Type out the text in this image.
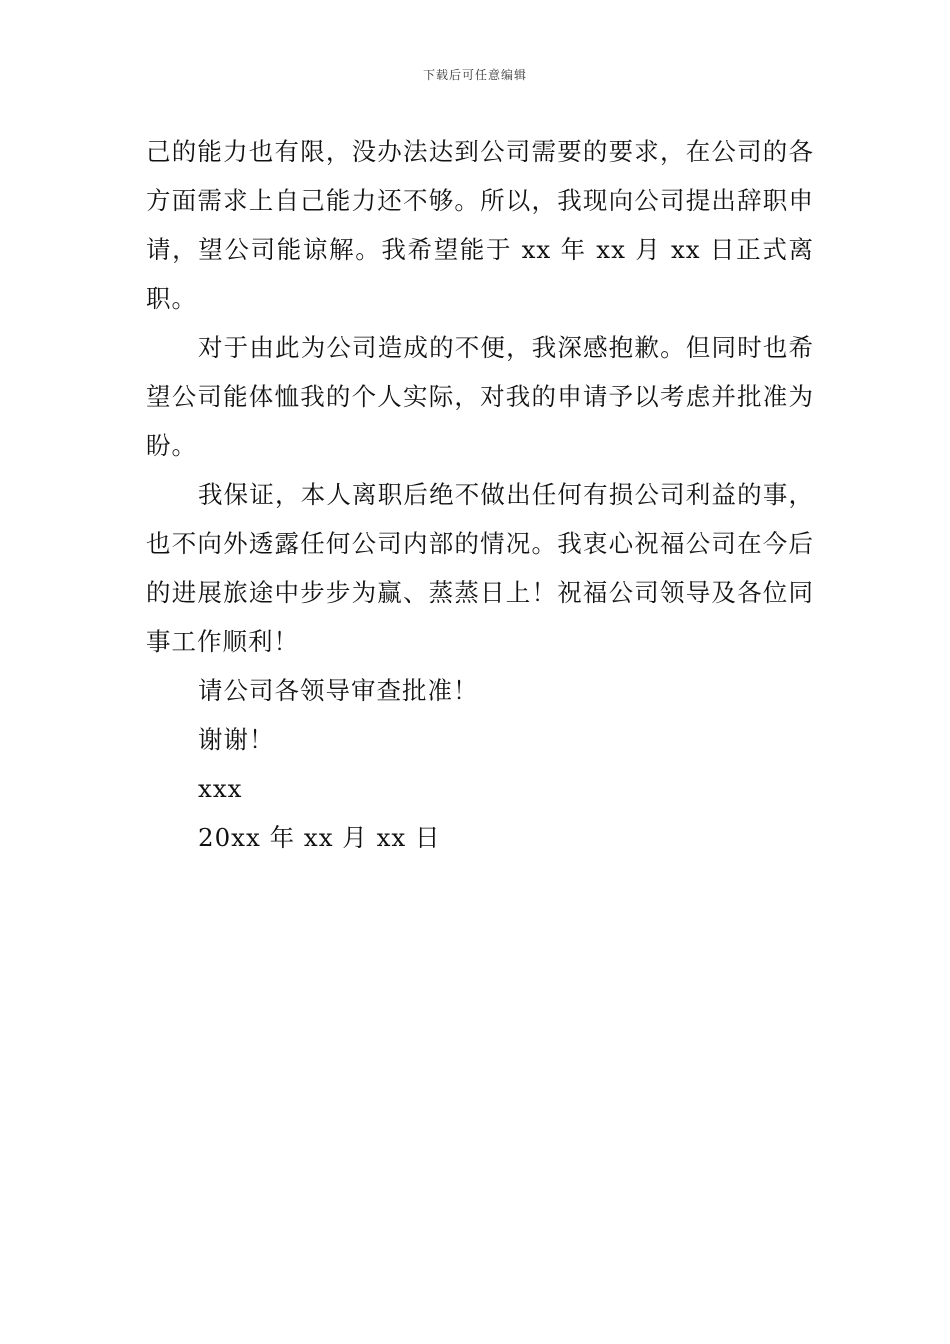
下载后可任意编辑

己的能力也有限，没办法达到公司需要的要求，在公司的各方面需求上自己能力还不够。所以，我现向公司提出辞职申请，望公司能谅解。我希望能于 xx 年 xx 月 xx 日正式离职。

对于由此为公司造成的不便，我深感抱歉。但同时也希望公司能体恤我的个人实际，对我的申请予以考虑并批准为盼。

我保证，本人离职后绝不做出任何有损公司利益的事，也不向外透露任何公司内部的情况。我衷心祝福公司在今后的进展旅途中步步为赢、蒸蒸日上！祝福公司领导及各位同事工作顺利！

请公司各领导审查批准！

谢谢！

xxx

20xx 年 xx 月 xx 日
